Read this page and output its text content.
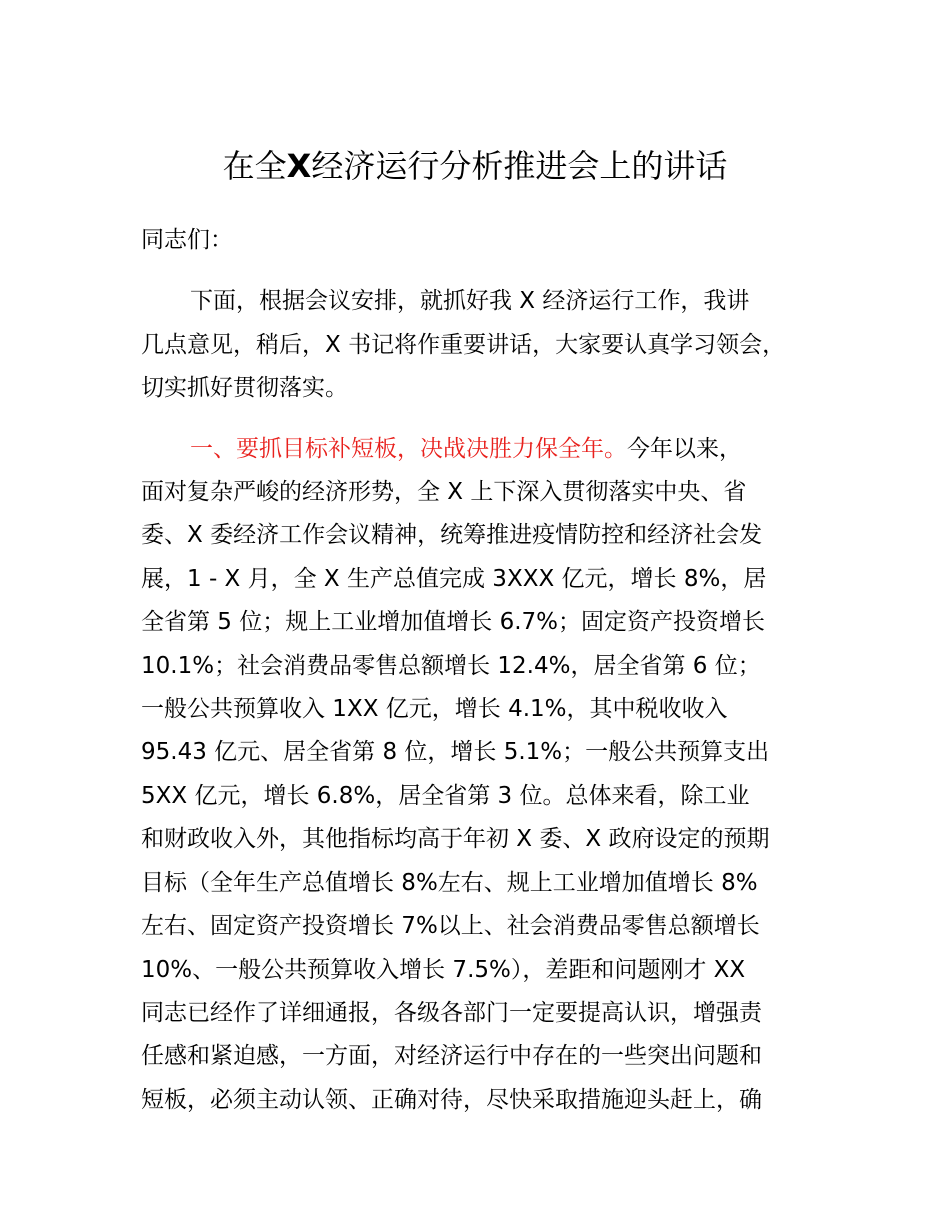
在全X经济运行分析推进会上的讲话
同志们：
下面，根据会议安排，就抓好我 X 经济运行工作，我讲
几点意见，稍后，X 书记将作重要讲话，大家要认真学习领会，
切实抓好贯彻落实。
一、要抓目标补短板，决战决胜力保全年。今年以来，
面对复杂严峻的经济形势，全 X 上下深入贯彻落实中央、省
委、X 委经济工作会议精神，统筹推进疫情防控和经济社会发
展，1 - X 月，全 X 生产总值完成 3XXX 亿元，增长 8%，居
全省第 5 位；规上工业增加值增长 6.7%；固定资产投资增长
10.1%；社会消费品零售总额增长 12.4%，居全省第 6 位；
一般公共预算收入 1XX 亿元，增长 4.1%，其中税收收入
95.43 亿元、居全省第 8 位，增长 5.1%；一般公共预算支出
5XX 亿元，增长 6.8%，居全省第 3 位。总体来看，除工业
和财政收入外，其他指标均高于年初 X 委、X 政府设定的预期
目标（全年生产总值增长 8%左右、规上工业增加值增长 8%
左右、固定资产投资增长 7%以上、社会消费品零售总额增长
10%、一般公共预算收入增长 7.5%），差距和问题刚才 XX
同志已经作了详细通报，各级各部门一定要提高认识，增强责
任感和紧迫感，一方面，对经济运行中存在的一些突出问题和
短板，必须主动认领、正确对待，尽快采取措施迎头赶上，确
